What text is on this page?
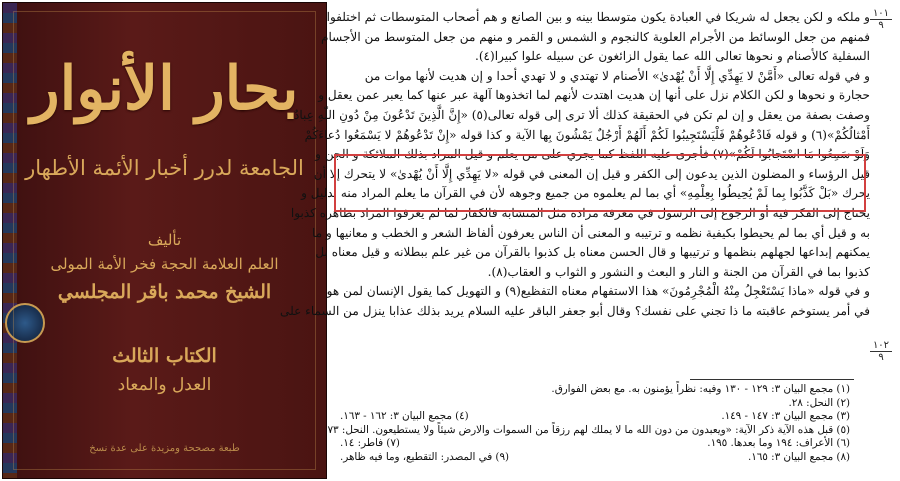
بحار الأنوار
الجامعة لدرر أخبار الأئمة الأطهار
تأليف
العلم العلامة الحجة فخر الأمة المولى
الشيخ محمد باقر المجلسي
الكتاب الثالث
العدل والمعاد
طبعة مصححة ومزيدة على عدة نسخ
١٠١
٩
١٠٢
٩
و ملكه و لكن يجعل له شريكا في العبادة يكون متوسطا بينه و بين الصانع و هم أصحاب المتوسطات ثم اختلفوا
فمنهم من جعل الوسائط من الأجرام العلوية كالنجوم و الشمس و القمر و منهم من جعل المتوسط من الأجسام
السفلية كالأصنام و نحوها تعالى الله عما يقول الزائغون عن سبيله علوا كبيرا(٤).
و في قوله تعالى «أَمَّنْ لا يَهِدِّي إِلَّا أَنْ يُهْدىٰ» الأصنام لا تهتدي و لا تهدي أحدا و إن هديت لأنها موات من
حجارة و نحوها و لكن الكلام نزل على أنها إن هديت اهتدت لأنهم لما اتخذوها آلهة عبر عنها كما يعبر عمن يعقل و
وصفت بصفة من يعقل و إن لم تكن في الحقيقة كذلك ألا ترى إلى قوله تعالى(٥) «إِنَّ الَّذِينَ تَدْعُونَ مِنْ دُونِ اللّٰهِ عِبادٌ
أَمْثالُكُمْ»(٦) و قوله فَادْعُوهُمْ فَلْيَسْتَجِيبُوا لَكُمْ أَلَهُمْ أَرْجُلٌ يَمْشُونَ بِها الآية و كذا قوله «إِنْ تَدْعُوهُمْ لا يَسْمَعُوا دُعاءَكُمْ
وَلَوْ سَمِعُوا مَا اسْتَجابُوا لَكُمْ»(٧) فأجرى عليه اللفظ كما يجري على من يعلم و قيل المراد بذلك الملائكة و الجن و
قيل الرؤساء و المضلون الذين يدعون إلى الكفر و قيل إن المعنى في قوله «لا يَهِدِّي إِلَّا أَنْ يُهْدىٰ» لا يتحرك إلا أن
يحرك «بَلْ كَذَّبُوا بِما لَمْ يُحِيطُوا بِعِلْمِهِ» أي بما لم يعلموه من جميع وجوهه لأن في القرآن ما يعلم المراد منه بدليل و
يحتاج إلى الفكر فيه أو الرجوع إلى الرسول في معرفة مراده مثل المتشابه فالكفار لما لم يعرفوا المراد بظاهره كذبوا
به و قيل أي بما لم يحيطوا بكيفية نظمه و ترتيبه و المعنى أن الناس يعرفون ألفاظ الشعر و الخطب و معانيها و ما
يمكنهم إبداعها لجهلهم بنظمها و ترتيبها و قال الحسن معناه بل كذبوا بالقرآن من غير علم ببطلانه و قيل معناه بل
كذبوا بما في القرآن من الجنة و النار و البعث و النشور و الثواب و العقاب(٨).
و في قوله «ماذا يَسْتَعْجِلُ مِنْهُ الْمُجْرِمُونَ» هذا الاستفهام معناه التفظيع(٩) و التهويل كما يقول الإنسان لمن هو
في أمر يستوخم عاقبته ما ذا تجني على نفسك؟ وقال أبو جعفر الباقر عليه السلام يريد بذلك عذابا ينزل من السماء على
(١) مجمع البيان ٣: ١٢٩ - ١٣٠ وفيه: نظراً يؤمنون به. مع بعض الفوارق.
(٢) النحل: ٢٨.
(٣) مجمع البيان ٣: ١٤٧ - ١٤٩.
(٤) مجمع البيان ٣: ١٦٢ - ١٦٣.
(٥) قبل هذه الآية ذكر الآية: «ويعبدون من دون الله ما لا يملك لهم رزقاً من السموات والارض شيئاً ولا يستطيعون. النحل: ٧٣
(٦) الأعراف: ١٩٤ وما بعدها. ١٩٥.
(٧) فاطر: ١٤.
(٨) مجمع البيان ٣: ١٦٥.
(٩) في المصدر: التقطيع، وما فيه ظاهر.
